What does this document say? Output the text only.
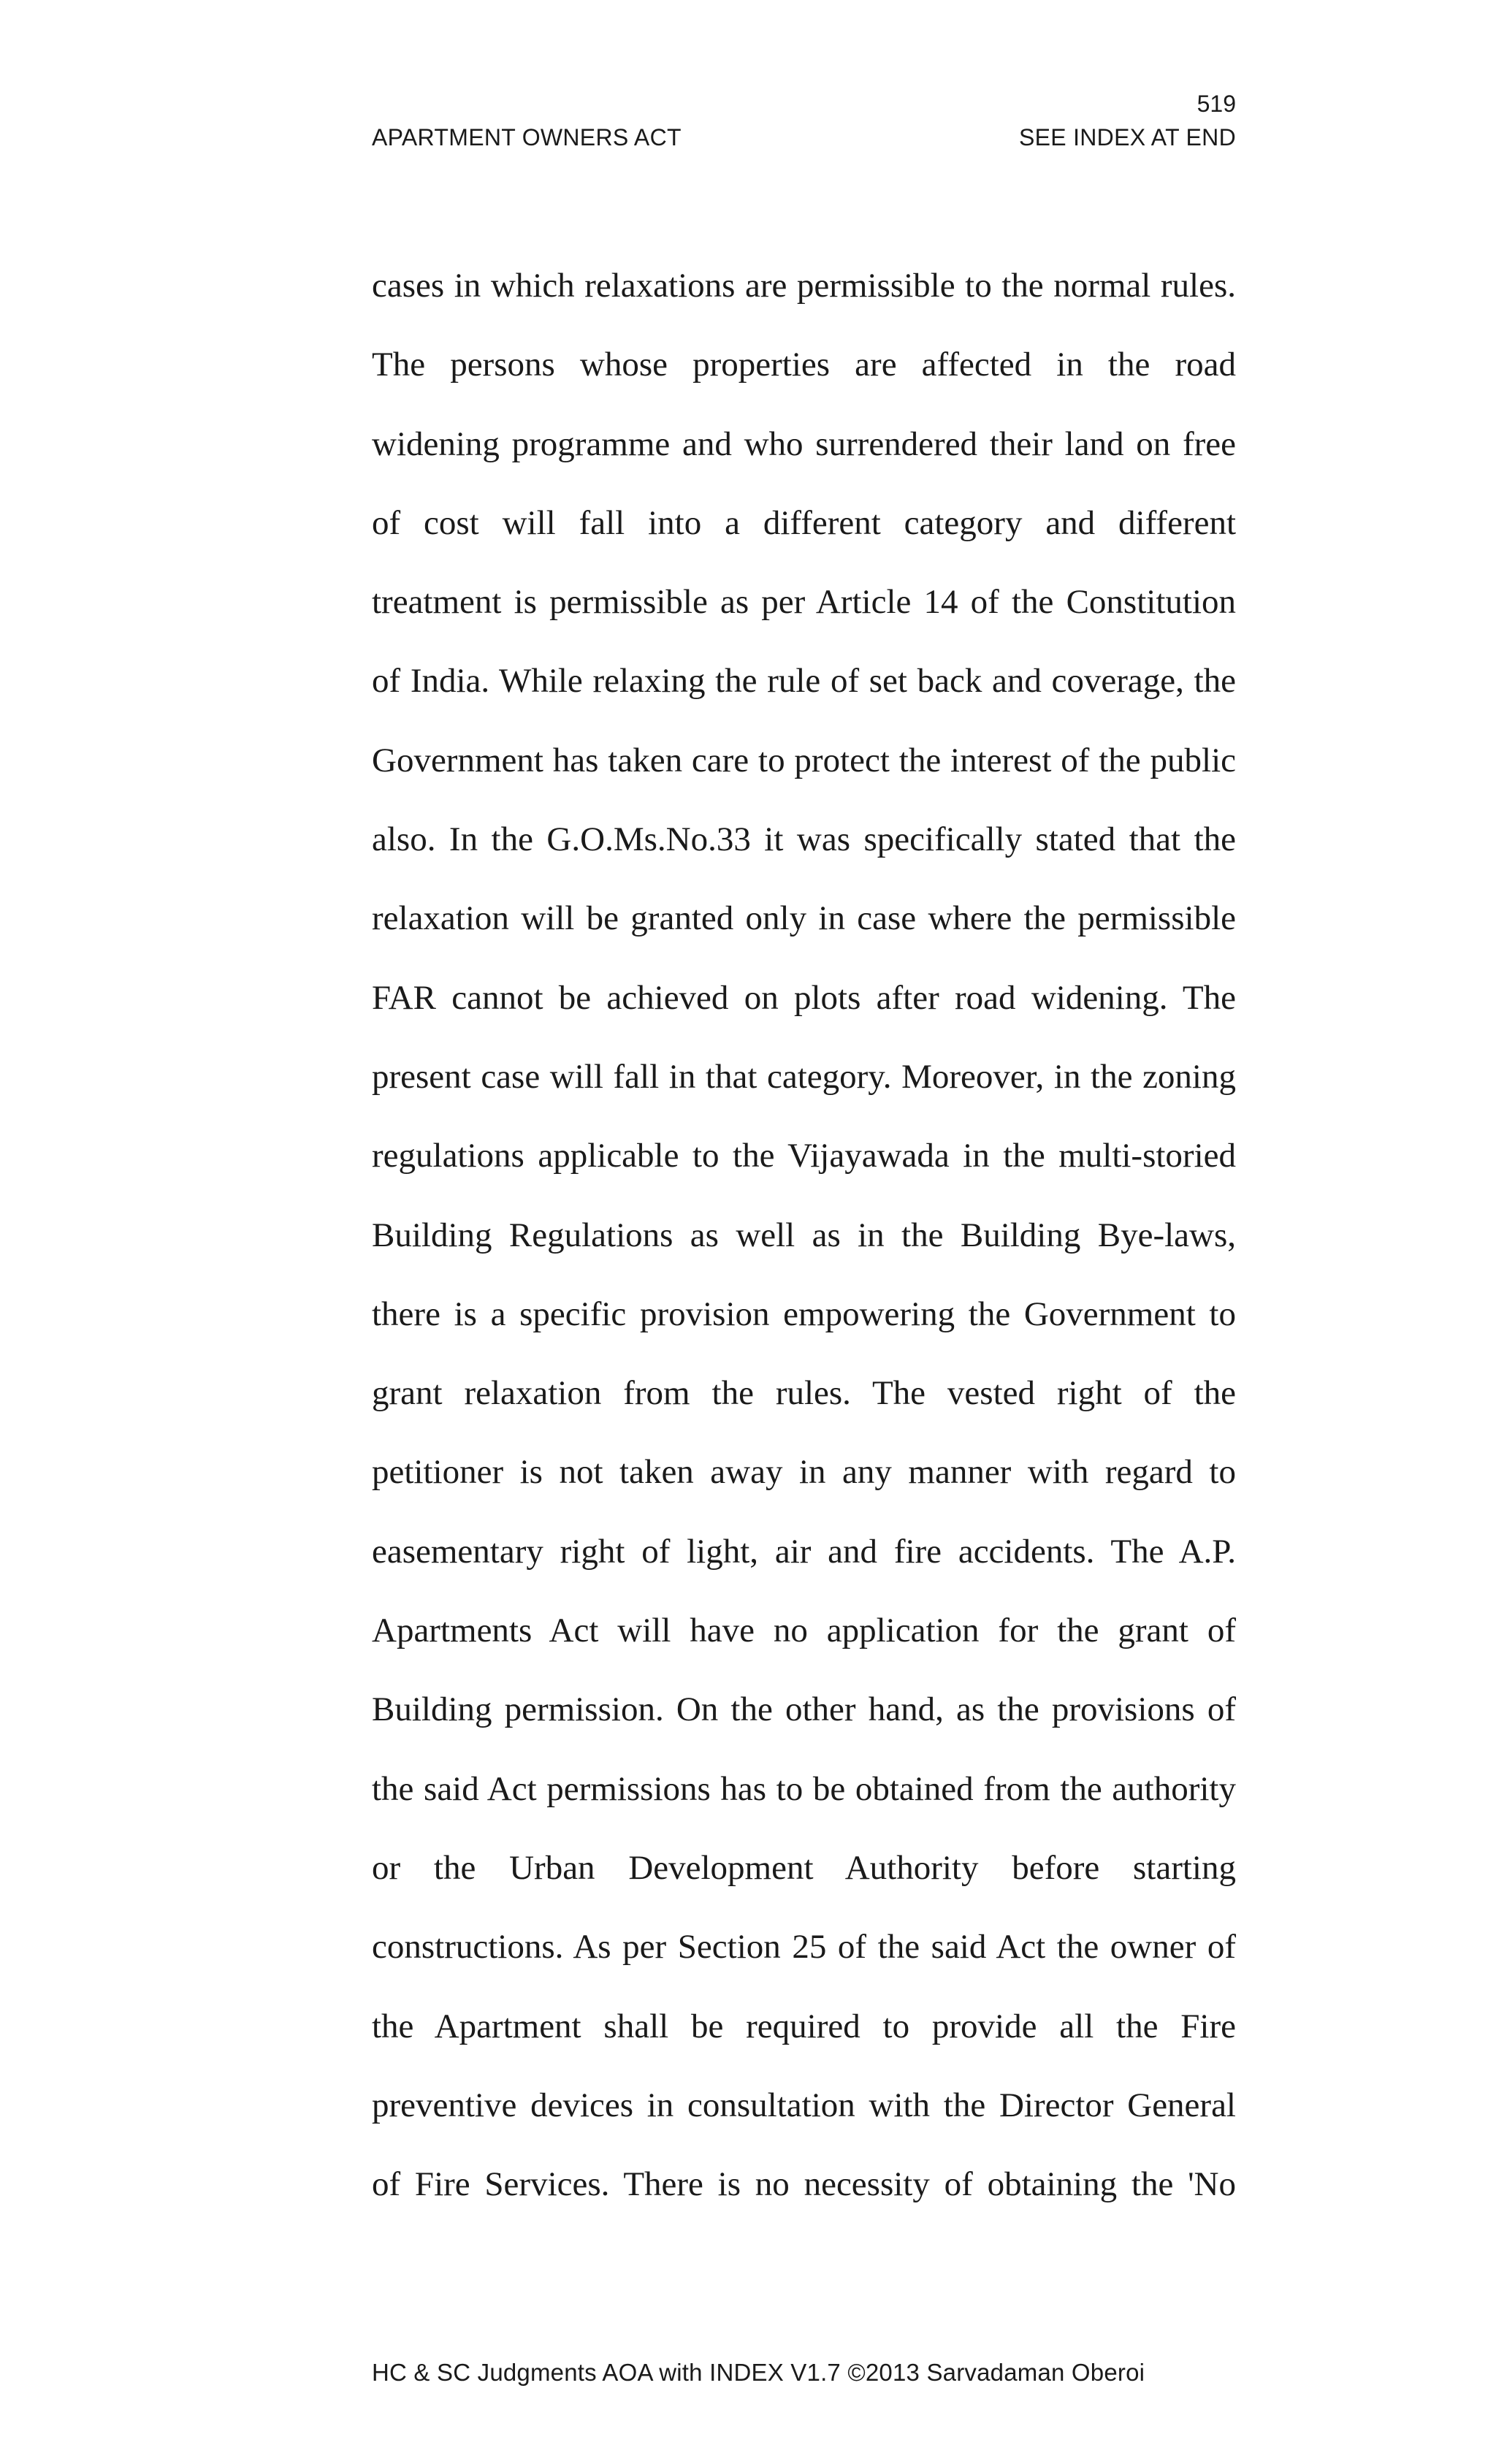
519
APARTMENT OWNERS ACT	SEE INDEX AT END
cases in which relaxations are permissible to the normal rules.
The persons whose properties are affected in the road
widening programme and who surrendered their land on free
of cost will fall into a different category and different
treatment is permissible as per Article 14 of the Constitution
of India. While relaxing the rule of set back and coverage, the
Government has taken care to protect the interest of the public
also. In the G.O.Ms.No.33 it was specifically stated that the
relaxation will be granted only in case where the permissible
FAR cannot be achieved on plots after road widening. The
present case will fall in that category. Moreover, in the zoning
regulations applicable to the Vijayawada in the multi-storied
Building Regulations as well as in the Building Bye-laws,
there is a specific provision empowering the Government to
grant relaxation from the rules. The vested right of the
petitioner is not taken away in any manner with regard to
easementary right of light, air and fire accidents. The A.P.
Apartments Act will have no application for the grant of
Building permission. On the other hand, as the provisions of
the said Act permissions has to be obtained from the authority
or the Urban Development Authority before starting
constructions. As per Section 25 of the said Act the owner of
the Apartment shall be required to provide all the Fire
preventive devices in consultation with the Director General
of Fire Services. There is no necessity of obtaining the 'No
HC & SC Judgments AOA with INDEX V1.7 ©2013 Sarvadaman Oberoi
